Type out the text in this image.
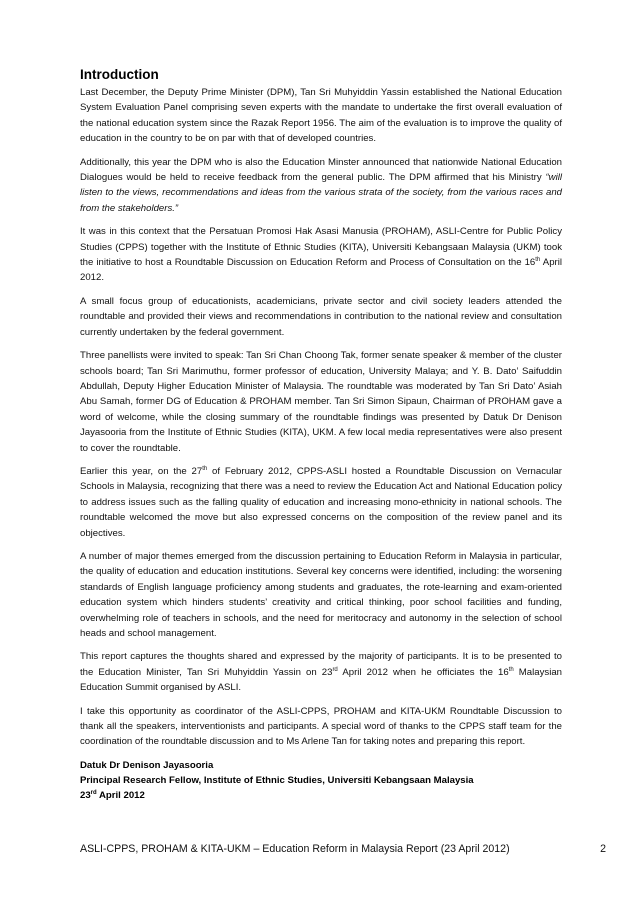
Introduction

Last December, the Deputy Prime Minister (DPM), Tan Sri Muhyiddin Yassin established the National Education System Evaluation Panel comprising seven experts with the mandate to undertake the first overall evaluation of the national education system since the Razak Report 1956. The aim of the evaluation is to improve the quality of education in the country to be on par with that of developed countries.

Additionally, this year the DPM who is also the Education Minster announced that nationwide National Education Dialogues would be held to receive feedback from the general public. The DPM affirmed that his Ministry “will listen to the views, recommendations and ideas from the various strata of the society, from the various races and from the stakeholders.”

It was in this context that the Persatuan Promosi Hak Asasi Manusia (PROHAM), ASLI-Centre for Public Policy Studies (CPPS) together with the Institute of Ethnic Studies (KITA), Universiti Kebangsaan Malaysia (UKM) took the initiative to host a Roundtable Discussion on Education Reform and Process of Consultation on the 16th April 2012.

A small focus group of educationists, academicians, private sector and civil society leaders attended the roundtable and provided their views and recommendations in contribution to the national review and consultation currently undertaken by the federal government.

Three panellists were invited to speak: Tan Sri Chan Choong Tak, former senate speaker & member of the cluster schools board; Tan Sri Marimuthu, former professor of education, University Malaya; and Y. B. Dato’ Saifuddin Abdullah, Deputy Higher Education Minister of Malaysia. The roundtable was moderated by Tan Sri Dato’ Asiah Abu Samah, former DG of Education & PROHAM member. Tan Sri Simon Sipaun, Chairman of PROHAM gave a word of welcome, while the closing summary of the roundtable findings was presented by Datuk Dr Denison Jayasooria from the Institute of Ethnic Studies (KITA), UKM. A few local media representatives were also present to cover the roundtable.

Earlier this year, on the 27th of February 2012, CPPS-ASLI hosted a Roundtable Discussion on Vernacular Schools in Malaysia, recognizing that there was a need to review the Education Act and National Education policy to address issues such as the falling quality of education and increasing mono-ethnicity in national schools. The roundtable welcomed the move but also expressed concerns on the composition of the review panel and its objectives.

A number of major themes emerged from the discussion pertaining to Education Reform in Malaysia in particular, the quality of education and education institutions. Several key concerns were identified, including: the worsening standards of English language proficiency among students and graduates, the rote-learning and exam-oriented education system which hinders students’ creativity and critical thinking, poor school facilities and funding, overwhelming role of teachers in schools, and the need for meritocracy and autonomy in the selection of school heads and school management.

This report captures the thoughts shared and expressed by the majority of participants. It is to be presented to the Education Minister, Tan Sri Muhyiddin Yassin on 23rd April 2012 when he officiates the 16th Malaysian Education Summit organised by ASLI.

I take this opportunity as coordinator of the ASLI-CPPS, PROHAM and KITA-UKM Roundtable Discussion to thank all the speakers, interventionists and participants. A special word of thanks to the CPPS staff team for the coordination of the roundtable discussion and to Ms Arlene Tan for taking notes and preparing this report.

Datuk Dr Denison Jayasooria

Principal Research Fellow, Institute of Ethnic Studies, Universiti Kebangsaan Malaysia

23rd April 2012

ASLI-CPPS, PROHAM & KITA-UKM – Education Reform in Malaysia Report (23 April 2012)	2
